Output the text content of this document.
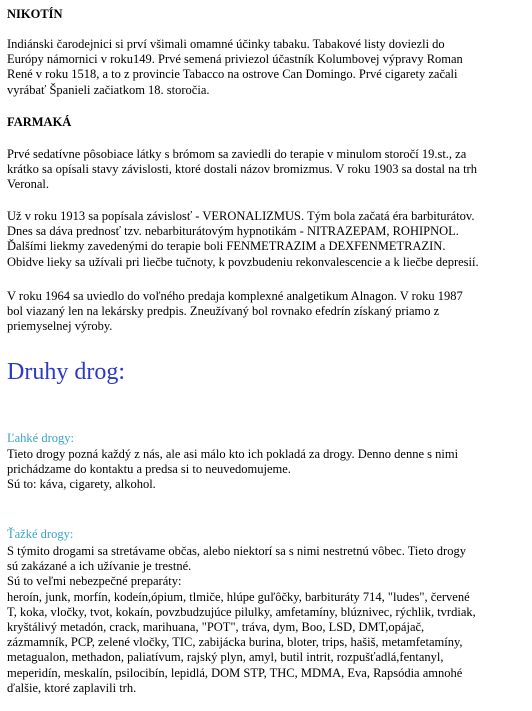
NIKOTÍN
Indiánski čarodejnici si prví všimali omamné účinky tabaku. Tabakové listy doviezli do
Európy námornici v roku149. Prvé semená priviezol účastník Kolumbovej výpravy Roman
René v roku 1518, a to z provincie Tabacco na ostrove Can Domingo. Prvé cigarety začali
vyrábať Španieli začiatkom 18. storočia.
FARMAKÁ
Prvé sedatívne pôsobiace látky s brómom sa zaviedli do terapie v minulom storočí 19.st., za
krátko sa opísali stavy závislosti, ktoré dostali názov bromizmus. V roku 1903 sa dostal na trh
Veronal.
Už v roku 1913 sa popísala závislosť - VERONALIZMUS. Tým bola začatá éra barbiturátov.
Dnes sa dáva prednosť tzv. nebarbiturátovým hypnotikám - NITRAZEPAM, ROHIPNOL.
Ďalšími liekmy zavedenými do terapie boli FENMETRAZIM a DEXFENMETRAZIN.
Obidve lieky sa užívali pri liečbe tučnoty, k povzbudeniu rekonvalescencie a k liečbe depresií.
V roku 1964 sa uviedlo do voľného predaja komplexné analgetikum Alnagon. V roku 1987
bol viazaný len na lekársky predpis. Zneužívaný bol rovnako efedrín získaný priamo z
priemyselnej výroby.
Druhy drog:
Ľahké drogy:
Tieto drogy pozná každý z nás, ale asi málo kto ich pokladá za drogy. Denno denne s nimi
prichádzame do kontaktu a predsa si to neuvedomujeme.
Sú to: káva, cigarety, alkohol.
Ťažké drogy:
S týmito drogami sa stretávame občas, alebo niektorí sa s nimi nestretnú vôbec. Tieto drogy
sú zakázané a ich užívanie je trestné.
Sú to veľmi nebezpečné preparáty:
heroín, junk, morfín, kodeín,ópium, tlmiče, hlúpe guľôčky, barbituráty 714, "ludes", červené
T, koka, vločky, tvot, kokaín, povzbudzujúce pilulky, amfetamíny, blúznivec, rýchlik, tvrdiak,
kryštálivý metadón, crack, marihuana, "POT", tráva, dym, Boo, LSD, DMT,opájač,
zázmamník, PCP, zelené vločky, TIC, zabijácka burina, bloter, trips, hašiš, metamfetamíny,
metagualon, methadon, paliatívum, rajský plyn, amyl, butil intrit, rozpušťadlá,fentanyl,
meperidín, meskalín, psilocibín, lepidlá, DOM STP, THC, MDMA, Eva, Rapsódia amnohé
ďalšie, ktoré zaplavili trh.
